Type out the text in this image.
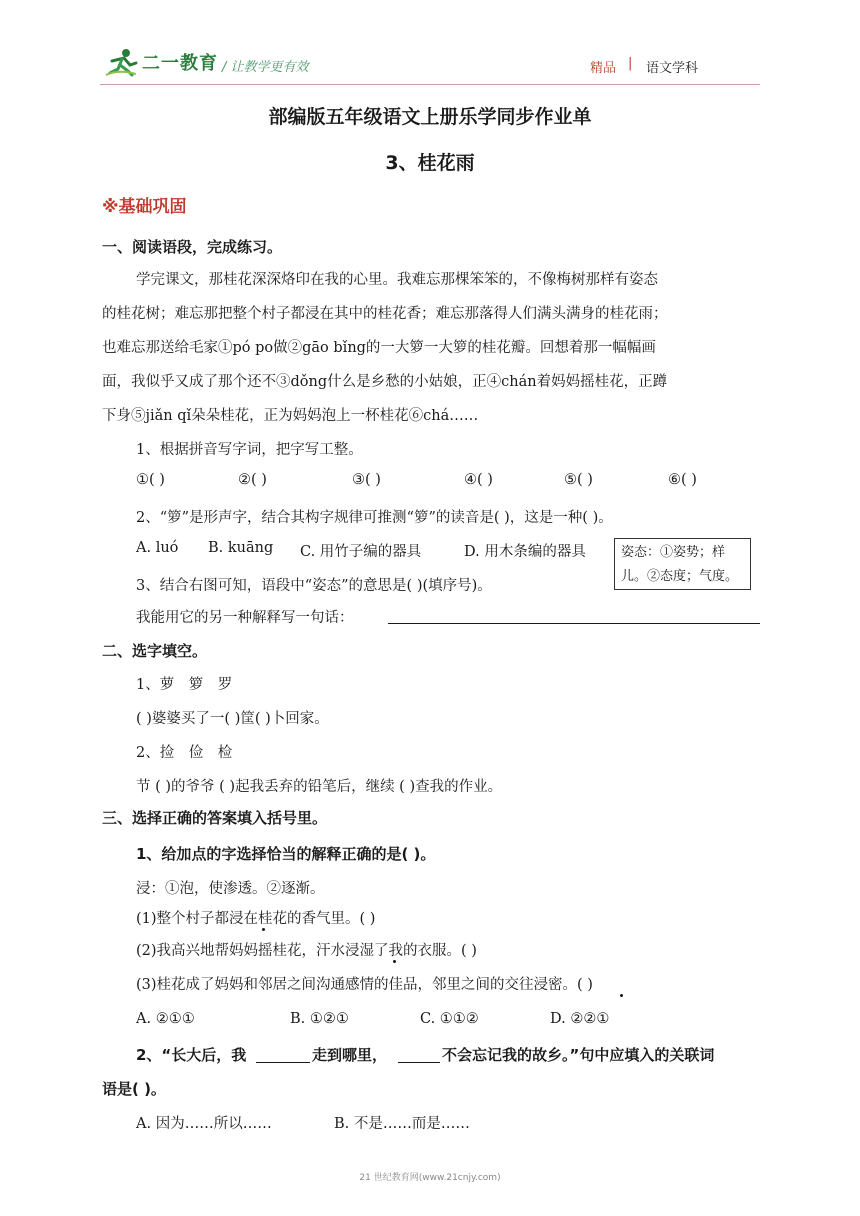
二一教育 / 让教学更有效	精品 | 语文学科
部编版五年级语文上册乐学同步作业单
3、桂花雨
※基础巩固
一、阅读语段，完成练习。
学完课文，那桂花深深烙印在我的心里。我难忘那棵笨笨的，不像梅树那样有姿态
的桂花树；难忘那把整个村子都浸在其中的桂花香；难忘那落得人们满头满身的桂花雨；
也难忘那送给毛家①pó po做②gāo bǐng的一大箩一大箩的桂花瓣。回想着那一幅幅画
面，我似乎又成了那个还不③dǒng什么是乡愁的小姑娘，正④chán着妈妈摇桂花，正蹲
下身⑤jiǎn qǐ朵朵桂花，正为妈妈泡上一杯桂花⑥chá……
1、根据拼音写字词，把字写工整。
①( )	②( )	③( )	④( )	⑤( )	⑥( )
2、“箩”是形声字，结合其构字规律可推测“箩”的读音是( )，这是一种( )。
A. luó B. kuāng C. 用竹子编的器具	D. 用木条编的器具
3、结合右图可知，语段中“姿态”的意思是( )(填序号)。
姿态：①姿势；样
儿。②态度；气度。
我能用它的另一种解释写一句话：
二、选字填空。
1、萝　箩　罗
( )婆婆买了一( )筐( )卜回家。
2、捡　俭　检
节 ( )的爷爷 ( )起我丢弃的铅笔后，继续 ( )查我的作业。
三、选择正确的答案填入括号里。
1、给加点的字选择恰当的解释正确的是( )。
浸：①泡，使渗透。②逐渐。
(1)整个村子都浸在桂花的香气里。( )
(2)我高兴地帮妈妈摇桂花，汗水浸湿了我的衣服。( )
(3)桂花成了妈妈和邻居之间沟通感情的佳品，邻里之间的交往浸密。( )
A. ②①①	B. ①②①	C. ①①②	D. ②②①
2、“长大后，我	走到哪里，	不会忘记我的故乡。”句中应填入的关联词
语是( )。
A. 因为……所以……	B. 不是……而是……
21 世纪教育网(www.21cnjy.com)
